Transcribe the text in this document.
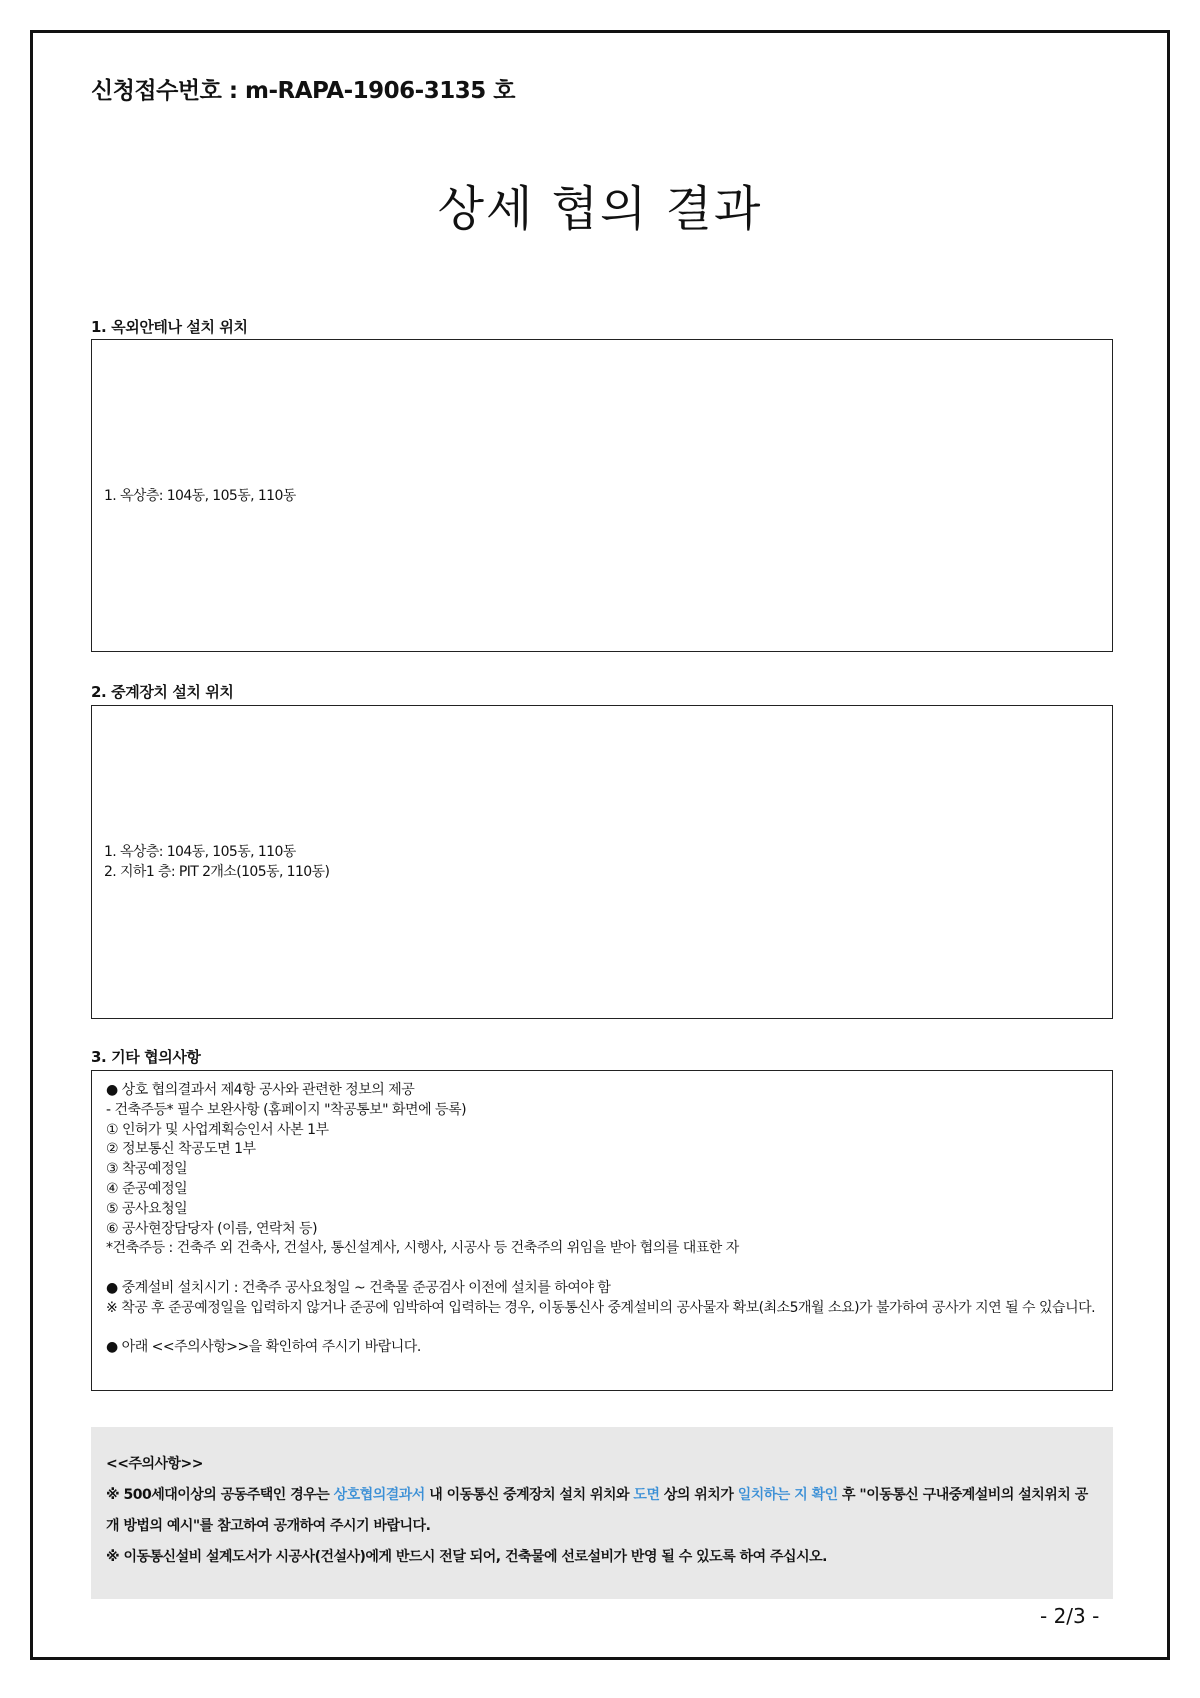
신청접수번호 : m-RAPA-1906-3135 호
상세 협의 결과
1. 옥외안테나 설치 위치
1. 옥상층: 104동, 105동, 110동
2. 중계장치 설치 위치
1. 옥상층: 104동, 105동, 110동
2. 지하1 층: PIT 2개소(105동, 110동)
3. 기타 협의사항
● 상호 협의결과서 제4항 공사와 관련한 정보의 제공
- 건축주등* 필수 보완사항 (홈페이지 "착공통보" 화면에 등록)
① 인허가 및 사업계획승인서 사본 1부
② 정보통신 착공도면 1부
③ 착공예정일
④ 준공예정일
⑤ 공사요청일
⑥ 공사현장담당자 (이름, 연락처 등)
*건축주등 : 건축주 외 건축사, 건설사, 통신설계사, 시행사, 시공사 등 건축주의 위임을 받아 협의를 대표한 자
● 중계설비 설치시기 : 건축주 공사요청일 ~ 건축물 준공검사 이전에 설치를 하여야 함
※ 착공 후 준공예정일을 입력하지 않거나 준공에 임박하여 입력하는 경우, 이동통신사 중계설비의 공사물자 확보(최소5개월 소요)가 불가하여 공사가 지연 될 수 있습니다.
● 아래 <<주의사항>>을 확인하여 주시기 바랍니다.
<<주의사항>>
※ 500세대이상의 공동주택인 경우는 상호협의결과서 내 이동통신 중계장치 설치 위치와 도면 상의 위치가 일치하는 지 확인 후 "이동통신 구내중계설비의 설치위치 공개 방법의 예시"를 참고하여 공개하여 주시기 바랍니다.
※ 이동통신설비 설계도서가 시공사(건설사)에게 반드시 전달 되어, 건축물에 선로설비가 반영 될 수 있도록 하여 주십시오.
- 2/3 -
